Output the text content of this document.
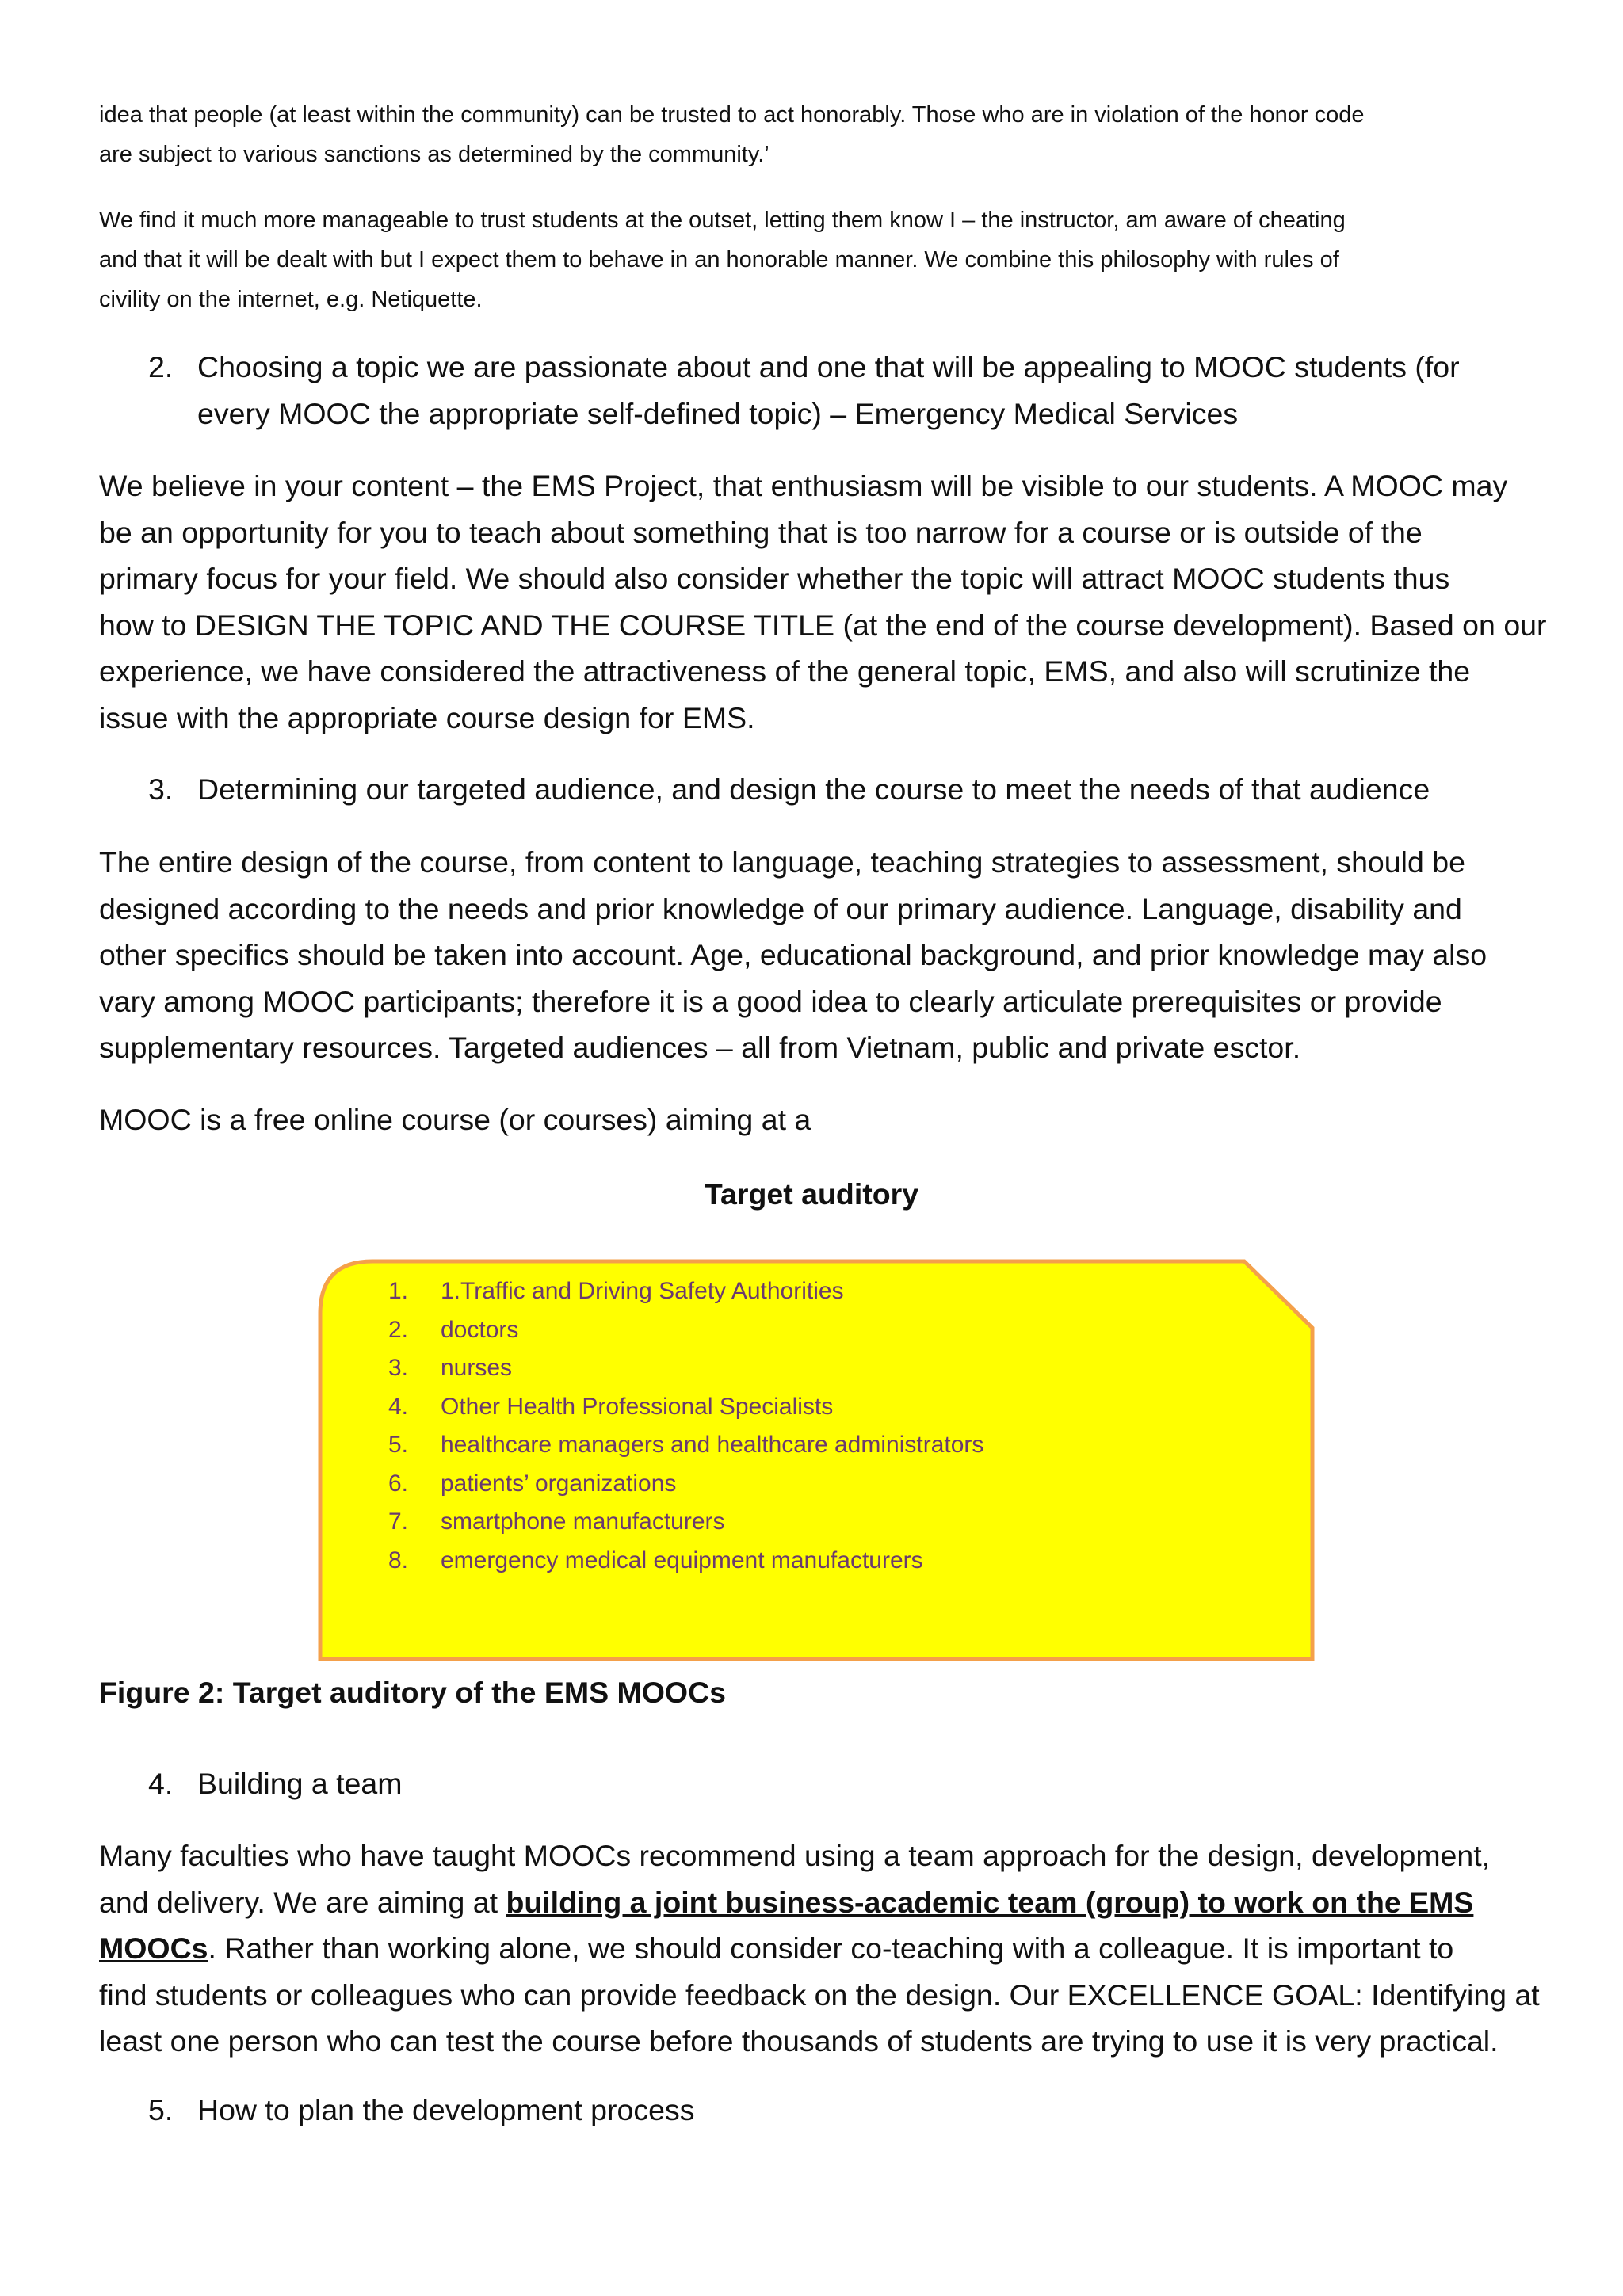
idea that people (at least within the community) can be trusted to act honorably. Those who are in violation of the honor code
are subject to various sanctions as determined by the community.’

We find it much more manageable to trust students at the outset, letting them know I – the instructor, am aware of cheating
and that it will be dealt with but I expect them to behave in an honorable manner. We combine this philosophy with rules of
civility on the internet, e.g. Netiquette.

2. Choosing a topic we are passionate about and one that will be appealing to MOOC students (for
every MOOC the appropriate self-defined topic) – Emergency Medical Services

We believe in your content – the EMS Project, that enthusiasm will be visible to our students. A MOOC may
be an opportunity for you to teach about something that is too narrow for a course or is outside of the
primary focus for your field. We should also consider whether the topic will attract MOOC students thus
how to DESIGN THE TOPIC AND THE COURSE TITLE (at the end of the course development). Based on our
experience, we have considered the attractiveness of the general topic, EMS, and also will scrutinize the
issue with the appropriate course design for EMS.

3. Determining our targeted audience, and design the course to meet the needs of that audience

The entire design of the course, from content to language, teaching strategies to assessment, should be
designed according to the needs and prior knowledge of our primary audience. Language, disability and
other specifics should be taken into account. Age, educational background, and prior knowledge may also
vary among MOOC participants; therefore it is a good idea to clearly articulate prerequisites or provide
supplementary resources. Targeted audiences – all from Vietnam, public and private esctor.

MOOC is a free online course (or courses) aiming at a

Target auditory

1. 1.Traffic and Driving Safety Authorities
2. doctors
3. nurses
4. Other Health Professional Specialists
5. healthcare managers and healthcare administrators
6. patients’ organizations
7. smartphone manufacturers
8. emergency medical equipment manufacturers

Figure 2: Target auditory of the EMS MOOCs

4. Building a team

Many faculties who have taught MOOCs recommend using a team approach for the design, development,
and delivery. We are aiming at building a joint business-academic team (group) to work on the EMS
MOOCs. Rather than working alone, we should consider co-teaching with a colleague. It is important to
find students or colleagues who can provide feedback on the design. Our EXCELLENCE GOAL: Identifying at
least one person who can test the course before thousands of students are trying to use it is very practical.

5. How to plan the development process
